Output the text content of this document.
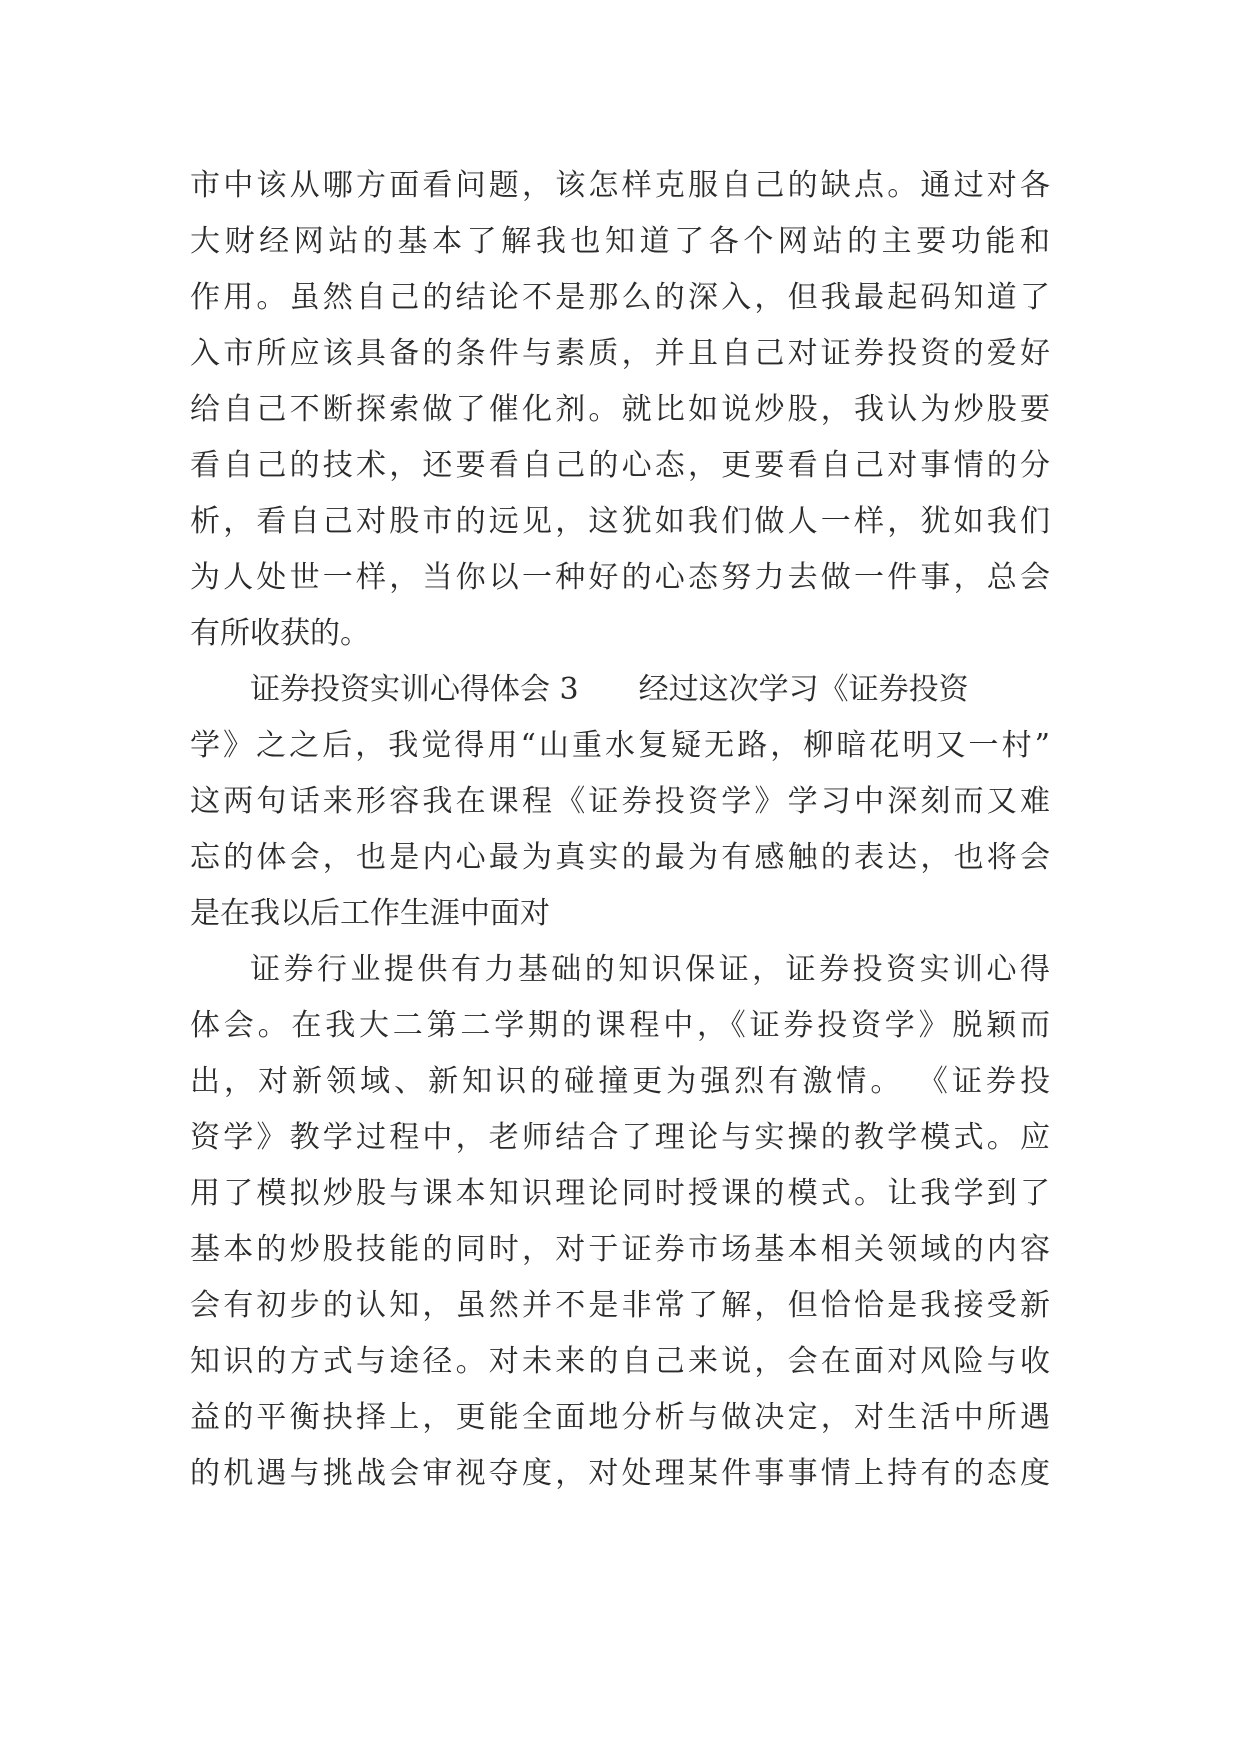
市中该从哪方面看问题，该怎样克服自己的缺点。通过对各
大财经网站的基本了解我也知道了各个网站的主要功能和
作用。虽然自己的结论不是那么的深入，但我最起码知道了
入市所应该具备的条件与素质，并且自己对证券投资的爱好
给自己不断探索做了催化剂。就比如说炒股，我认为炒股要
看自己的技术，还要看自己的心态，更要看自己对事情的分
析，看自己对股市的远见，这犹如我们做人一样，犹如我们
为人处世一样，当你以一种好的心态努力去做一件事，总会
有所收获的。
证券投资实训心得体会 3 经过这次学习《证券投资
学》之之后，我觉得用“山重水复疑无路，柳暗花明又一村”
这两句话来形容我在课程《证券投资学》学习中深刻而又难
忘的体会，也是内心最为真实的最为有感触的表达，也将会
是在我以后工作生涯中面对
证券行业提供有力基础的知识保证，证券投资实训心得
体会。在我大二第二学期的课程中，《证券投资学》脱颖而
出，对新领域、新知识的碰撞更为强烈有激情。 《证券投
资学》教学过程中，老师结合了理论与实操的教学模式。应
用了模拟炒股与课本知识理论同时授课的模式。让我学到了
基本的炒股技能的同时，对于证券市场基本相关领域的内容
会有初步的认知，虽然并不是非常了解，但恰恰是我接受新
知识的方式与途径。对未来的自己来说，会在面对风险与收
益的平衡抉择上，更能全面地分析与做决定，对生活中所遇
的机遇与挑战会审视夺度，对处理某件事事情上持有的态度
